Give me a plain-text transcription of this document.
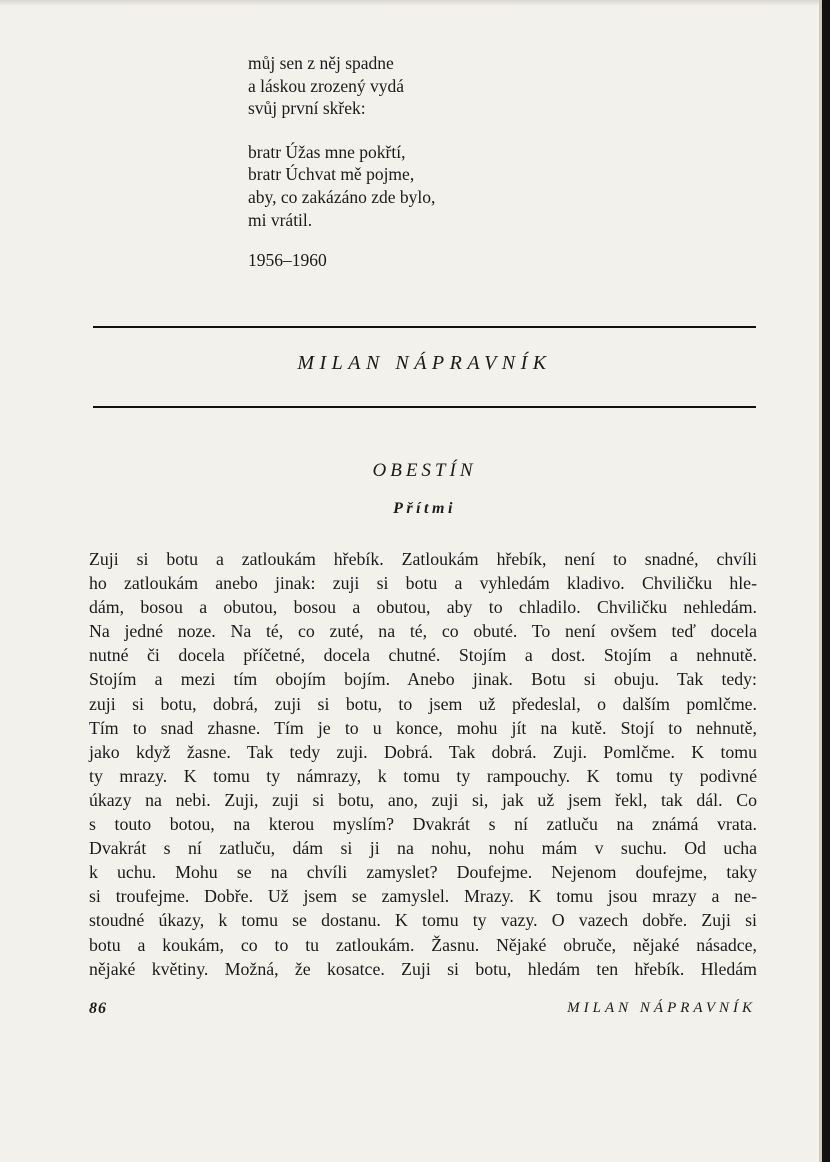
můj sen z něj spadne
a láskou zrozený vydá
svůj první skřek:
bratr Úžas mne pokřtí,
bratr Úchvat mě pojme,
aby, co zakázáno zde bylo,
mi vrátil.
1956–1960
MILAN NÁPRAVNÍK
OBESTÍN
Přítmi
Zuji si botu a zatloukám hřebík. Zatloukám hřebík, není to snadné, chvíli
ho zatloukám anebo jinak: zuji si botu a vyhledám kladivo. Chviličku hle-
dám, bosou a obutou, bosou a obutou, aby to chladilo. Chviličku nehledám.
Na jedné noze. Na té, co zuté, na té, co obuté. To není ovšem teď docela
nutné či docela příčetné, docela chutné. Stojím a dost. Stojím a nehnutě.
Stojím a mezi tím obojím bojím. Anebo jinak. Botu si obuju. Tak tedy:
zuji si botu, dobrá, zuji si botu, to jsem už předeslal, o dalším pomlčme.
Tím to snad zhasne. Tím je to u konce, mohu jít na kutě. Stojí to nehnutě,
jako když žasne. Tak tedy zuji. Dobrá. Tak dobrá. Zuji. Pomlčme. K tomu
ty mrazy. K tomu ty námrazy, k tomu ty rampouchy. K tomu ty podivné
úkazy na nebi. Zuji, zuji si botu, ano, zuji si, jak už jsem řekl, tak dál. Co
s touto botou, na kterou myslím? Dvakrát s ní zatluču na známá vrata.
Dvakrát s ní zatluču, dám si ji na nohu, nohu mám v suchu. Od ucha
k uchu. Mohu se na chvíli zamyslet? Doufejme. Nejenom doufejme, taky
si troufejme. Dobře. Už jsem se zamyslel. Mrazy. K tomu jsou mrazy a ne-
stoudné úkazy, k tomu se dostanu. K tomu ty vazy. O vazech dobře. Zuji si
botu a koukám, co to tu zatloukám. Žasnu. Nějaké obruče, nějaké násadce,
nějaké květiny. Možná, že kosatce. Zuji si botu, hledám ten hřebík. Hledám
86	MILAN NÁPRAVNÍK
